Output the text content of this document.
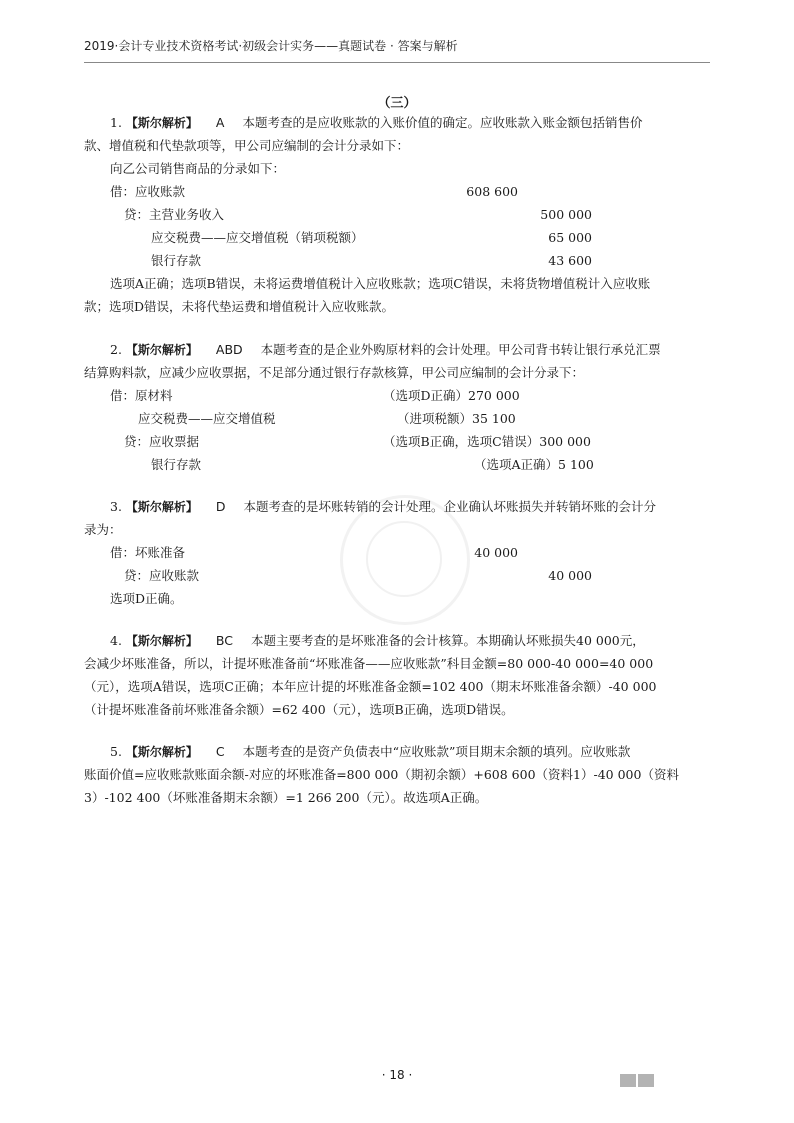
2019·会计专业技术资格考试·初级会计实务——真题试卷 · 答案与解析
（三）
1. 【斯尔解析】 A 本题考查的是应收账款的入账价值的确定。应收账款入账金额包括销售价
款、增值税和代垫款项等，甲公司应编制的会计分录如下：
向乙公司销售商品的分录如下：
借：应收账款	608 600
贷：主营业务收入	500 000
应交税费——应交增值税（销项税额）	65 000
银行存款	43 600
选项A正确；选项B错误，未将运费增值税计入应收账款；选项C错误，未将货物增值税计入应收账
款；选项D错误，未将代垫运费和增值税计入应收账款。
2. 【斯尔解析】 ABD 本题考查的是企业外购原材料的会计处理。甲公司背书转让银行承兑汇票
结算购料款，应减少应收票据，不足部分通过银行存款核算，甲公司应编制的会计分录下：
借：原材料	（选项D正确）270 000
应交税费——应交增值税	（进项税额）35 100
贷：应收票据	（选项B正确，选项C错误）300 000
银行存款	（选项A正确）5 100
3. 【斯尔解析】 D 本题考查的是坏账转销的会计处理。企业确认坏账损失并转销坏账的会计分
录为：
借：坏账准备	40 000
贷：应收账款	40 000
选项D正确。
4. 【斯尔解析】 BC 本题主要考查的是坏账准备的会计核算。本期确认坏账损失40 000元，
会减少坏账准备，所以，计提坏账准备前“坏账准备——应收账款”科目金额=80 000-40 000=40 000
（元），选项A错误，选项C正确；本年应计提的坏账准备金额=102 400（期末坏账准备余额）-40 000
（计提坏账准备前坏账准备余额）=62 400（元），选项B正确，选项D错误。
5. 【斯尔解析】 C 本题考查的是资产负债表中“应收账款”项目期末余额的填列。应收账款
账面价值=应收账款账面余额-对应的坏账准备=800 000（期初余额）+608 600（资料1）-40 000（资料
3）-102 400（坏账准备期末余额）=1 266 200（元）。故选项A正确。
· 18 ·
